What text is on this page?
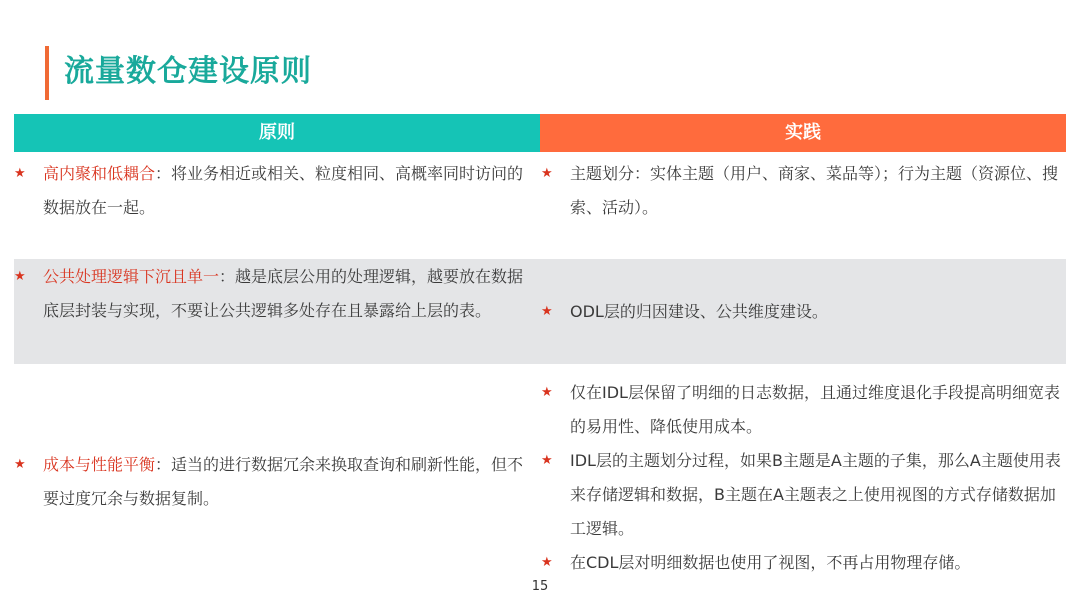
流量数仓建设原则
原则	实践
★ 高内聚和低耦合：将业务相近或相关、粒度相同、高概率同时访问的数据放在一起。
★ 主题划分：实体主题（用户、商家、菜品等）；行为主题（资源位、搜索、活动）。
★ 公共处理逻辑下沉且单一：越是底层公用的处理逻辑，越要放在数据底层封装与实现，不要让公共逻辑多处存在且暴露给上层的表。	★ ODL层的归因建设、公共维度建设。
★ 成本与性能平衡：适当的进行数据冗余来换取查询和刷新性能，但不要过度冗余与数据复制。
★ 仅在IDL层保留了明细的日志数据，且通过维度退化手段提高明细宽表的易用性、降低使用成本。
★ IDL层的主题划分过程，如果B主题是A主题的子集，那么A主题使用表来存储逻辑和数据，B主题在A主题表之上使用视图的方式存储数据加工逻辑。
★ 在CDL层对明细数据也使用了视图，不再占用物理存储。
15
